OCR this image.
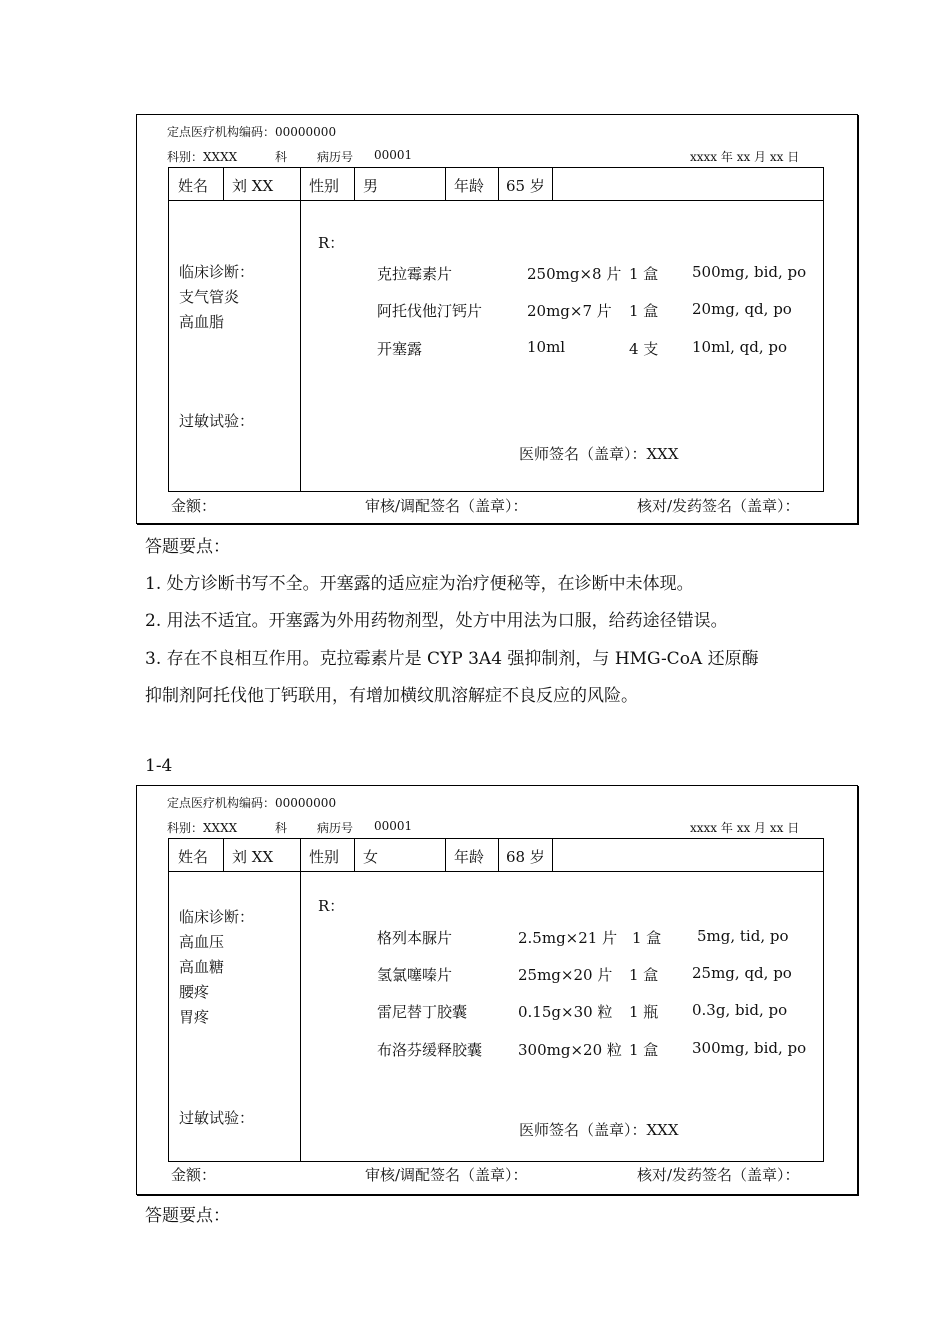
定点医疗机构编码：00000000
科别：XXXX	科 病历号 00001	xxxx 年 xx 月 xx 日
姓名 刘 XX 性别 男	年龄 65 岁
临床诊断：
支气管炎
高血脂
过敏试验：
R：
克拉霉素片	250mg×8 片 1 盒 500mg, bid, po
阿托伐他汀钙片	20mg×7 片 1 盒 20mg, qd, po
开塞露	10ml	4 支 10ml, qd, po
医师签名（盖章）：XXX
金额：	审核/调配签名（盖章）：	核对/发药签名（盖章）：
答题要点：
1. 处方诊断书写不全。开塞露的适应症为治疗便秘等，在诊断中未体现。
2. 用法不适宜。开塞露为外用药物剂型，处方中用法为口服，给药途径错误。
3. 存在不良相互作用。克拉霉素片是 CYP 3A4 强抑制剂，与 HMG-CoA 还原酶
抑制剂阿托伐他丁钙联用，有增加横纹肌溶解症不良反应的风险。
1-4
定点医疗机构编码：00000000
科别：XXXX	科 病历号 00001	xxxx 年 xx 月 xx 日
姓名 刘 XX 性别 女	年龄 68 岁
临床诊断：
高血压
高血糖
腰疼
胃疼
过敏试验：
R：
格列本脲片	2.5mg×21 片 1 盒 5mg, tid, po
氢氯噻嗪片	25mg×20 片 1 盒 25mg, qd, po
雷尼替丁胶囊	0.15g×30 粒 1 瓶 0.3g, bid, po
布洛芬缓释胶囊 300mg×20 粒 1 盒 300mg, bid, po
医师签名（盖章）：XXX
金额：	审核/调配签名（盖章）：	核对/发药签名（盖章）：
答题要点：
